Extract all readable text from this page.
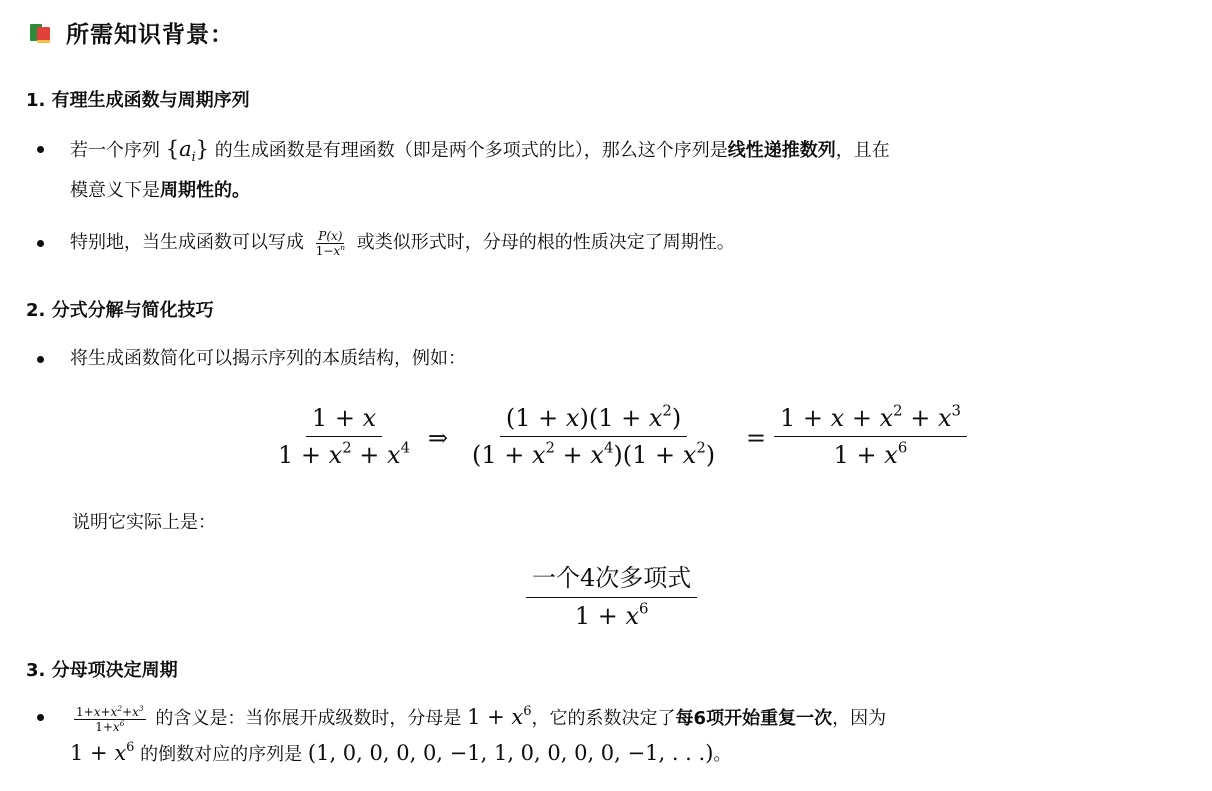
所需知识背景：
1. 有理生成函数与周期序列
若一个序列 $\{a_i\}$ 的生成函数是有理函数（即是两个多项式的比），那么这个序列是线性递推数列，且在
模意义下是周期性的。
特别地，当生成函数可以写成 $\frac{P(x)}{1-x^n}$ 或类似形式时，分母的根的性质决定了周期性。
2. 分式分解与简化技巧
将生成函数简化可以揭示序列的本质结构，例如：
$\frac{1 + x}{1 + x^2 + x^4}$ ⇒ $\frac{(1 + x)(1 + x^2)}{(1 + x^2 + x^4)(1 + x^2)} = \frac{1 + x + x^2 + x^3}{1 + x^6}$
说明它实际上是：
一个4次多项式
$1 + x^6$
3. 分母项决定周期
$\frac{1+x+x^2+x^3}{1+x^6}$ 的含义是：当你展开成级数时，分母是 $1 + x^6$，它的系数决定了每6项开始重复一次，因为
$1 + x^6$ 的倒数对应的序列是 (1, 0, 0, 0, 0, −1, 1, 0, 0, 0, 0, −1, . . .)。
